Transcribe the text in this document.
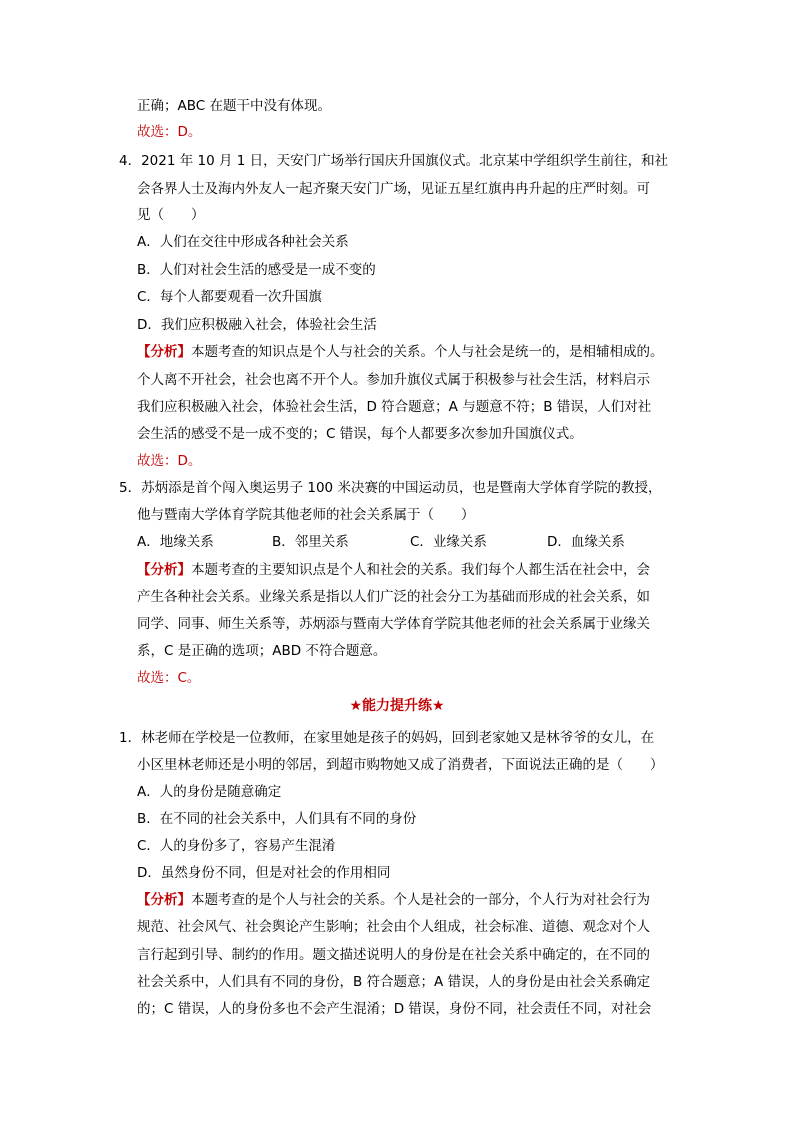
正确；ABC 在题干中没有体现。
故选：D。
4．2021 年 10 月 1 日，天安门广场举行国庆升国旗仪式。北京某中学组织学生前往，和社
会各界人士及海内外友人一起齐聚天安门广场，见证五星红旗冉冉升起的庄严时刻。可
见（　　）
A．人们在交往中形成各种社会关系
B．人们对社会生活的感受是一成不变的
C．每个人都要观看一次升国旗
D．我们应积极融入社会，体验社会生活
【分析】本题考查的知识点是个人与社会的关系。个人与社会是统一的，是相辅相成的。
个人离不开社会，社会也离不开个人。参加升旗仪式属于积极参与社会生活，材料启示
我们应积极融入社会，体验社会生活，D 符合题意；A 与题意不符；B 错误，人们对社
会生活的感受不是一成不变的；C 错误，每个人都要多次参加升国旗仪式。
故选：D。
5．苏炳添是首个闯入奥运男子 100 米决赛的中国运动员，也是暨南大学体育学院的教授，
他与暨南大学体育学院其他老师的社会关系属于（　　）
A．地缘关系	B．邻里关系	C．业缘关系	D．血缘关系
【分析】本题考查的主要知识点是个人和社会的关系。我们每个人都生活在社会中，会
产生各种社会关系。业缘关系是指以人们广泛的社会分工为基础而形成的社会关系，如
同学、同事、师生关系等，苏炳添与暨南大学体育学院其他老师的社会关系属于业缘关
系，C 是正确的选项；ABD 不符合题意。
故选：C。
★能力提升练★
1．林老师在学校是一位教师，在家里她是孩子的妈妈，回到老家她又是林爷爷的女儿，在
小区里林老师还是小明的邻居，到超市购物她又成了消费者，下面说法正确的是（　　）
A．人的身份是随意确定
B．在不同的社会关系中，人们具有不同的身份
C．人的身份多了，容易产生混淆
D．虽然身份不同，但是对社会的作用相同
【分析】本题考查的是个人与社会的关系。个人是社会的一部分，个人行为对社会行为
规范、社会风气、社会舆论产生影响；社会由个人组成，社会标准、道德、观念对个人
言行起到引导、制约的作用。题文描述说明人的身份是在社会关系中确定的，在不同的
社会关系中，人们具有不同的身份，B 符合题意；A 错误，人的身份是由社会关系确定
的；C 错误，人的身份多也不会产生混淆；D 错误，身份不同，社会责任不同，对社会
